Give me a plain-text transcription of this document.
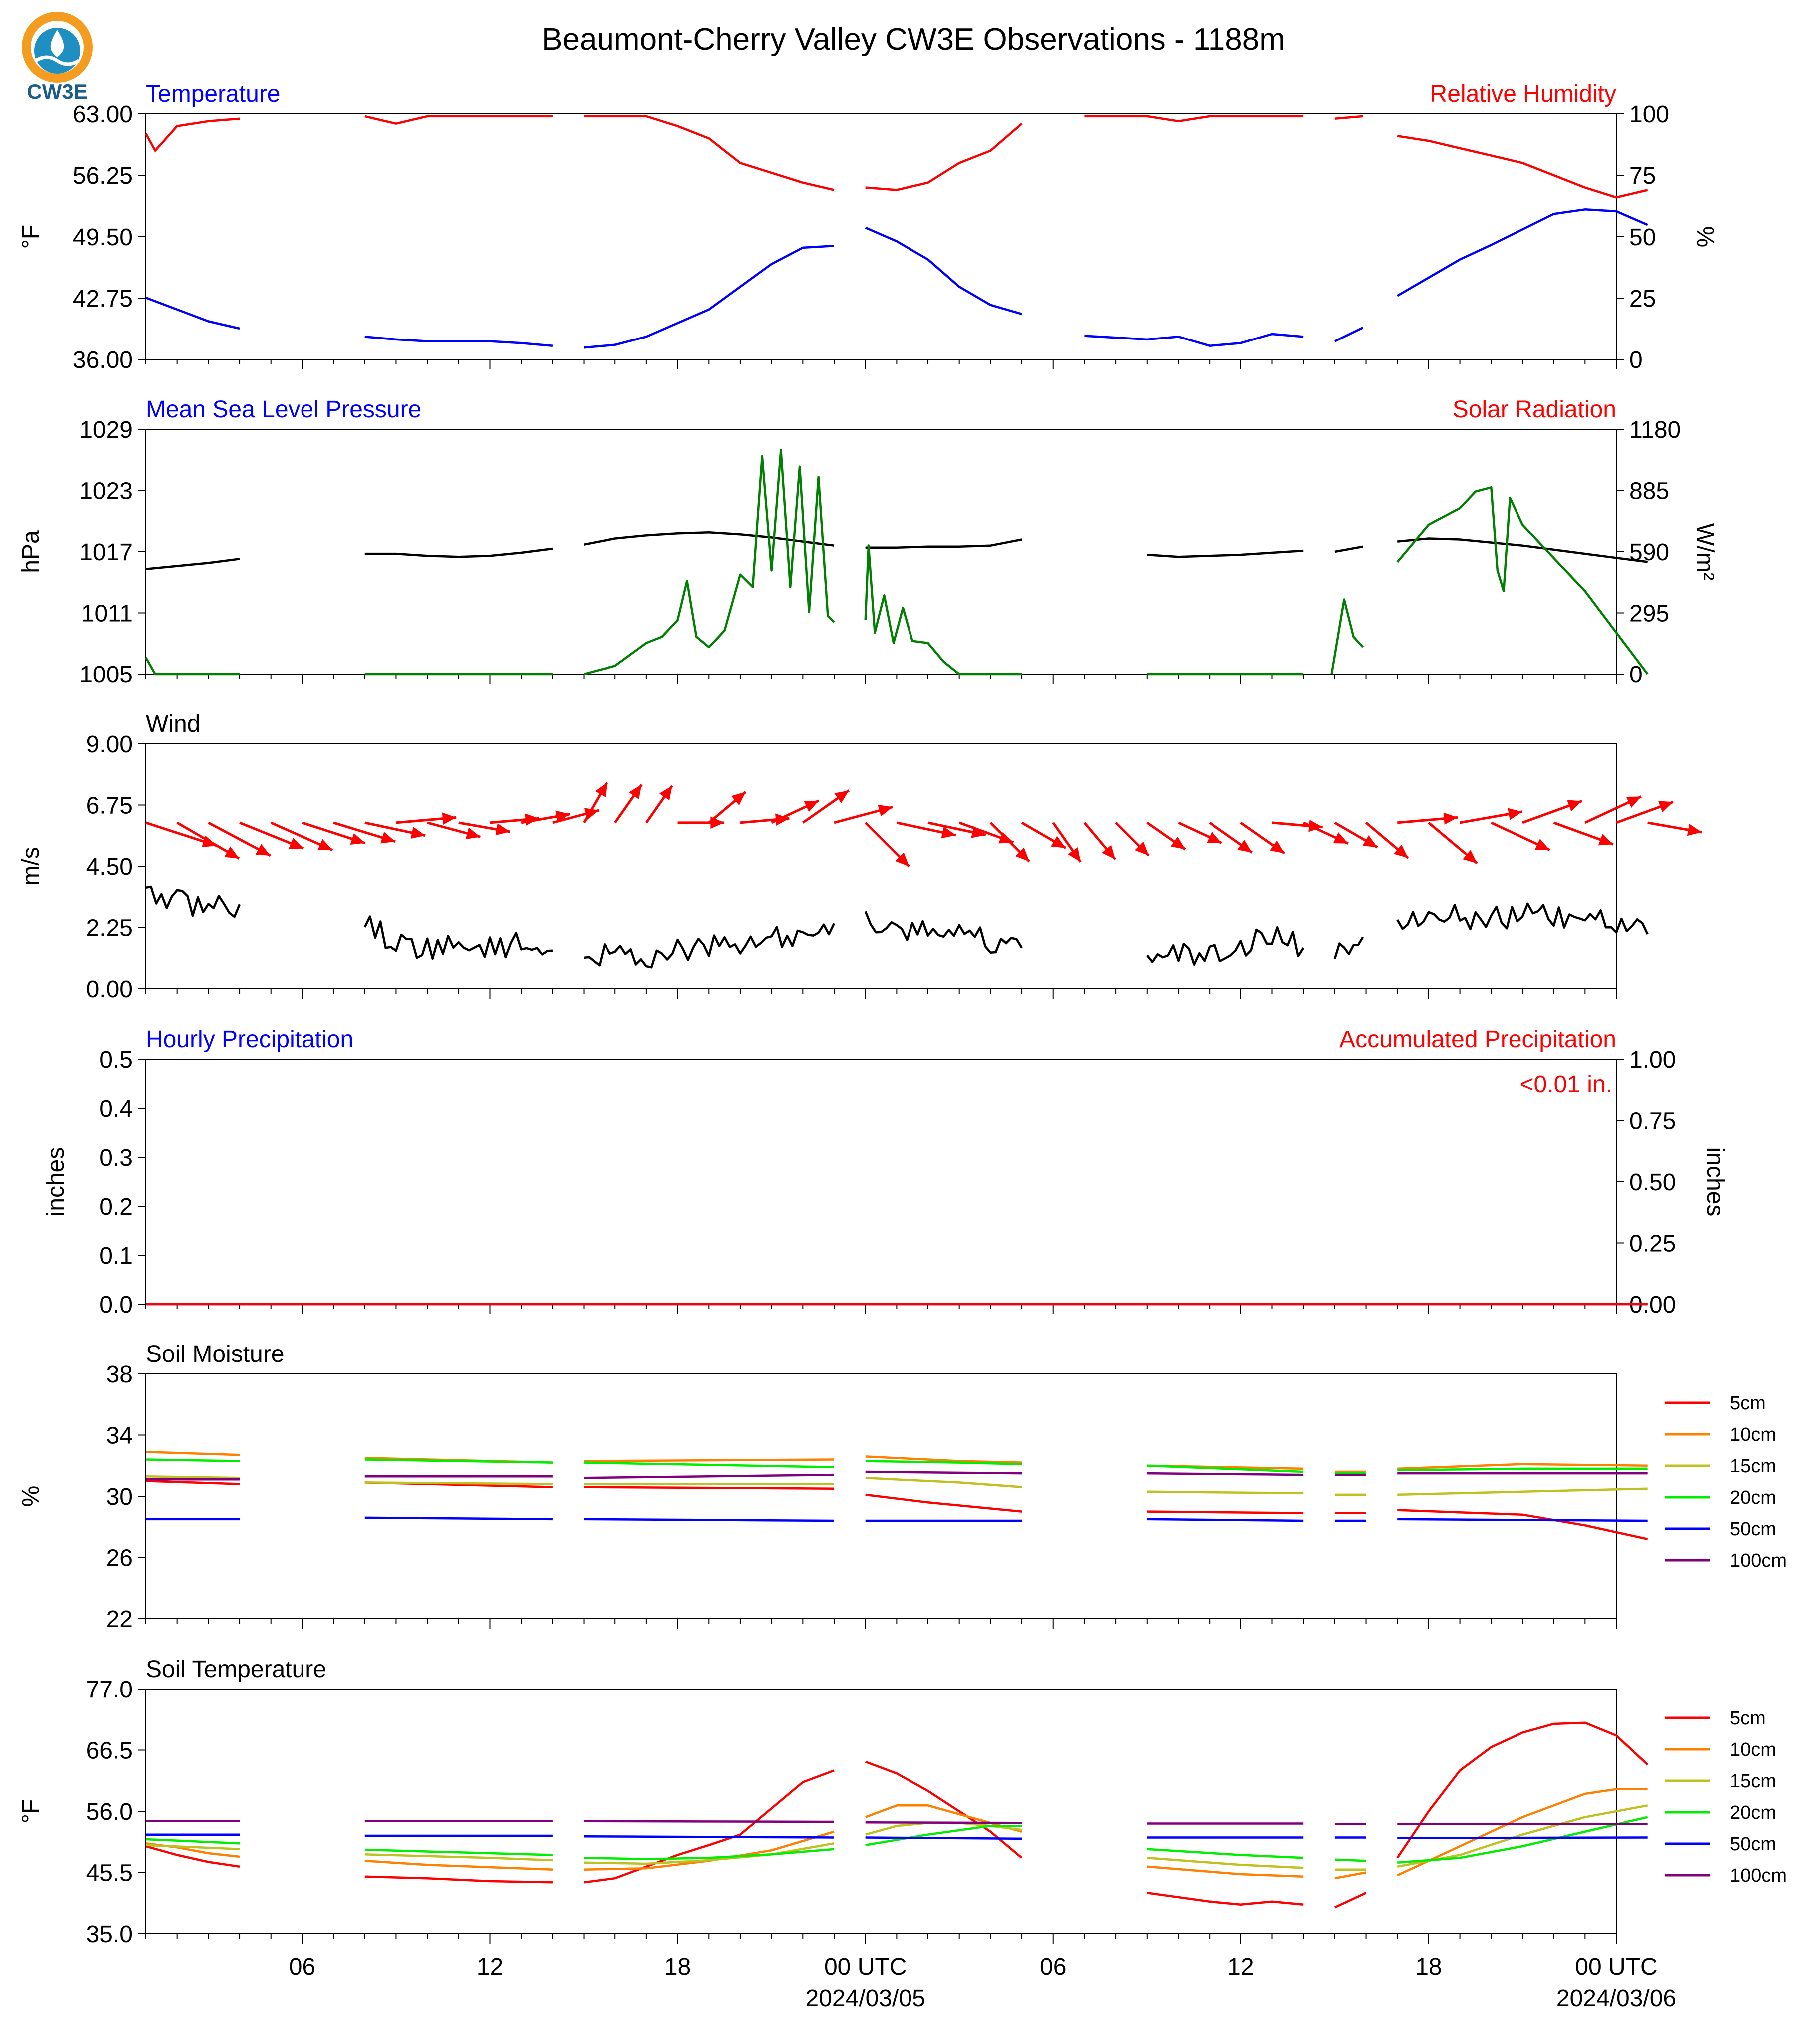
CW3E
Beaumont-Cherry Valley CW3E Observations - 1188m
36.00
42.75
49.50
56.25
63.00
0
25
50
75
100
Temperature	Relative Humidity
°F	%
1005
1011
1017
1023
1029
0
295
590
885
1180
Mean Sea Level Pressure	Solar Radiation
hPa	W/m²
0.00
2.25
4.50
6.75
9.00
Wind
m/s
0.0
0.1
0.2
0.3
0.4
0.5
0.00
0.25
0.50
0.75
1.00
Hourly Precipitation	Accumulated Precipitation
inches	inches
<0.01 in.
22
26
30
34
38
Soil Moisture
%
5cm
10cm
15cm
20cm
50cm
100cm
35.0
45.5
56.0
66.5
77.0
Soil Temperature
°F
5cm
10cm
15cm
20cm
50cm
100cm
06	12	18	00 UTC
2024/03/05
06	12	18	00 UTC
2024/03/06
